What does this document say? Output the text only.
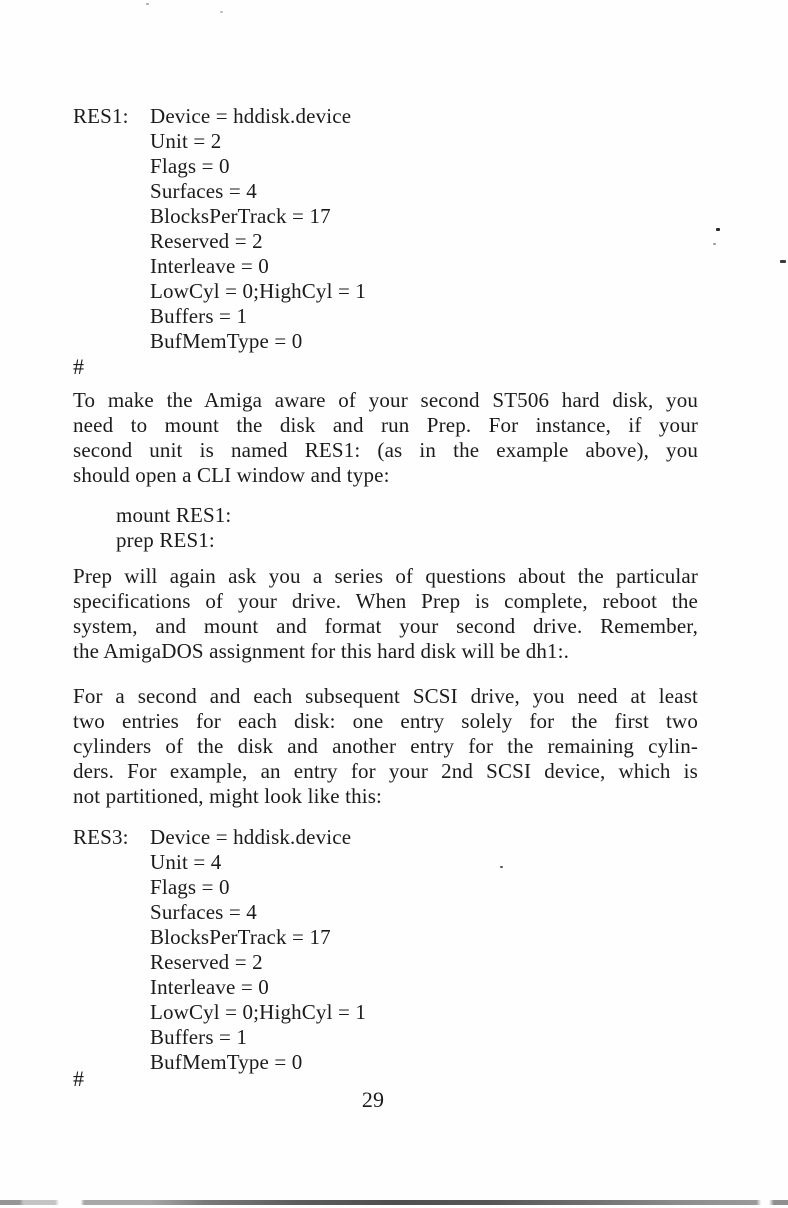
RES1:	Device = hddisk.device
Unit = 2
Flags = 0
Surfaces = 4
BlocksPerTrack = 17
Reserved = 2
Interleave = 0
LowCyl = 0;HighCyl = 1
Buffers = 1
BufMemType = 0
#
To make the Amiga aware of your second ST506 hard disk, you
need to mount the disk and run Prep. For instance, if your
second unit is named RES1: (as in the example above), you
should open a CLI window and type:
mount RES1:
prep RES1:
Prep will again ask you a series of questions about the particular
specifications of your drive. When Prep is complete, reboot the
system, and mount and format your second drive. Remember,
the AmigaDOS assignment for this hard disk will be dh1:.
For a second and each subsequent SCSI drive, you need at least
two entries for each disk: one entry solely for the first two
cylinders of the disk and another entry for the remaining cylin-
ders. For example, an entry for your 2nd SCSI device, which is
not partitioned, might look like this:
RES3:	Device = hddisk.device
Unit = 4
Flags = 0
Surfaces = 4
BlocksPerTrack = 17
Reserved = 2
Interleave = 0
LowCyl = 0;HighCyl = 1
Buffers = 1
BufMemType = 0
#
29
